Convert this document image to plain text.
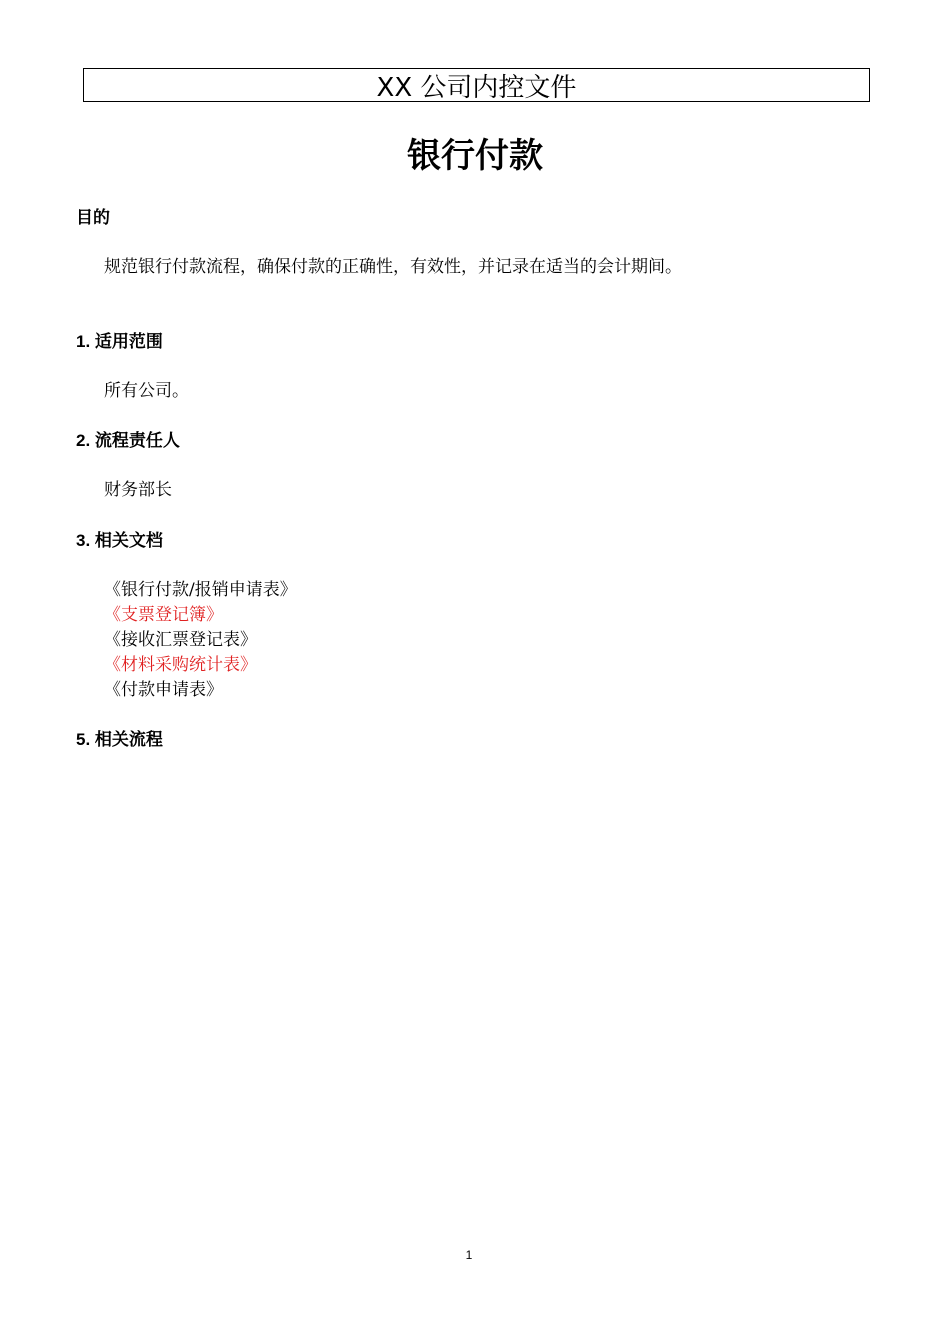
XX 公司内控文件
银行付款
目的
规范银行付款流程，确保付款的正确性，有效性，并记录在适当的会计期间。
1. 适用范围
所有公司。
2. 流程责任人
财务部长
3. 相关文档
《银行付款/报销申请表》
《支票登记簿》
《接收汇票登记表》
《材料采购统计表》
《付款申请表》
5. 相关流程
1
